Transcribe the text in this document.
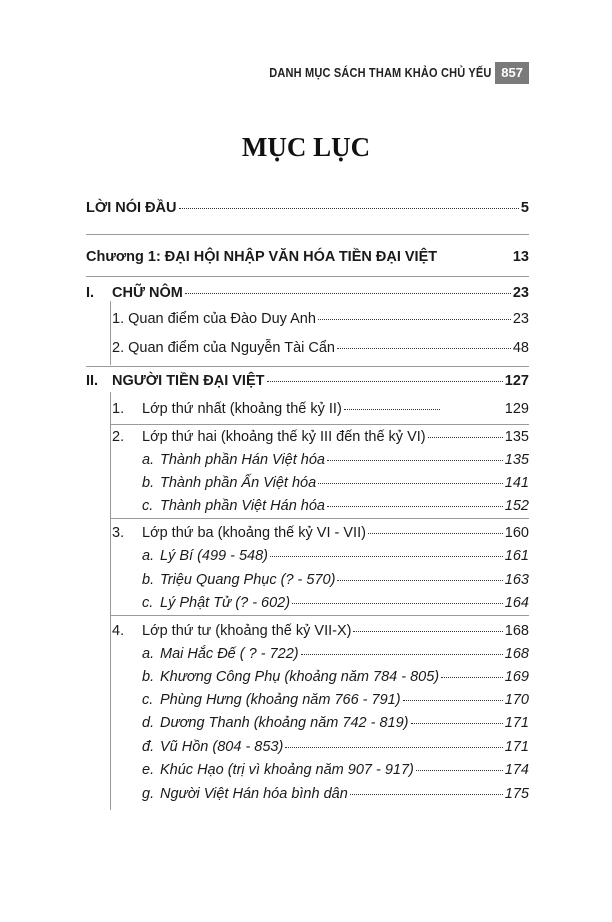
DANH MỤC SÁCH THAM KHẢO CHỦ YẾU 857
MỤC LỤC
LỜI NÓI ĐẦU	5
Chương 1: ĐẠI HỘI NHẬP VĂN HÓA TIỀN ĐẠI VIỆT	13
I.	CHỮ NÔM	23
1. Quan điểm của Đào Duy Anh	23
2. Quan điểm của Nguyễn Tài Cẩn	48
II. NGƯỜI TIỀN ĐẠI VIỆT	127
1.	Lớp thứ nhất (khoảng thế kỷ II)	129
2.	Lớp thứ hai (khoảng thế kỷ III đến thế kỷ VI)	135
a. Thành phần Hán Việt hóa	135
b. Thành phần Ấn Việt hóa	141
c. Thành phần Việt Hán hóa	152
3.	Lớp thứ ba (khoảng thế kỷ VI - VII)	160
a. Lý Bí (499 - 548)	161
b. Triệu Quang Phục (? - 570)	163
c. Lý Phật Tử (? - 602)	164
4.	Lớp thứ tư (khoảng thế kỷ VII-X)	168
a. Mai Hắc Đế ( ? - 722)	168
b. Khương Công Phụ (khoảng năm 784 - 805)	169
c. Phùng Hưng (khoảng năm 766 - 791)	170
d. Dương Thanh (khoảng năm 742 - 819)	171
đ. Vũ Hồn (804 - 853)	171
e. Khúc Hạo (trị vì khoảng năm 907 - 917)	174
g. Người Việt Hán hóa bình dân	175
